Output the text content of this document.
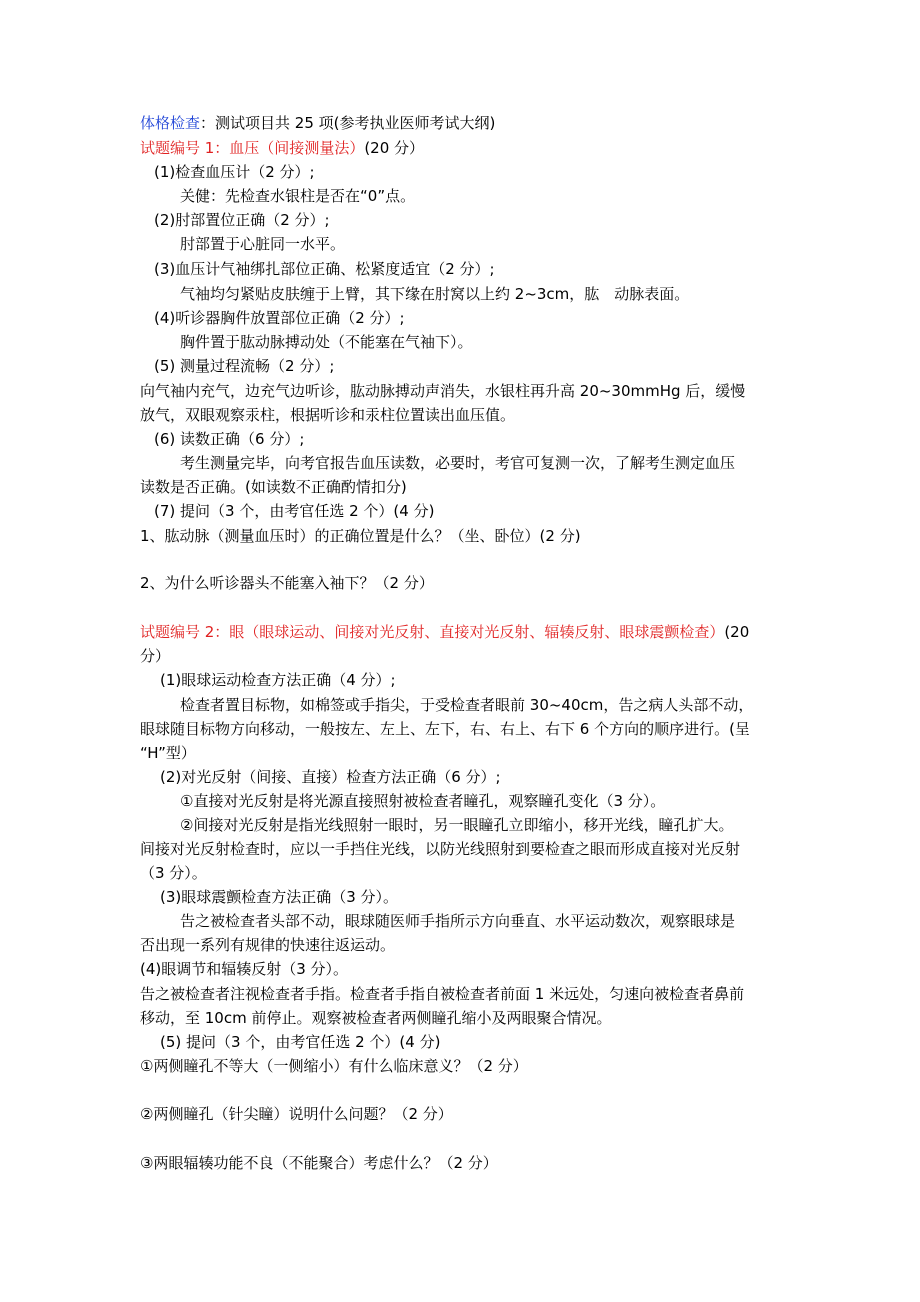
体格检查：测试项目共 25 项(参考执业医师考试大纲)
试题编号 1：血压（间接测量法）(20 分）
(1)检查血压计（2 分）;
关健：先检查水银柱是否在“0”点。
(2)肘部置位正确（2 分）;
肘部置于心脏同一水平。
(3)血压计气袖绑扎部位正确、松紧度适宜（2 分）;
气袖均匀紧贴皮肤缠于上臂，其下缘在肘窝以上约 2~3cm，肱　动脉表面。
(4)听诊器胸件放置部位正确（2 分）;
胸件置于肱动脉搏动处（不能塞在气袖下）。
(5) 测量过程流畅（2 分）;
向气袖内充气，边充气边听诊，肱动脉搏动声消失，水银柱再升高 20~30mmHg 后，缓慢
放气，双眼观察汞柱，根据听诊和汞柱位置读出血压值。
(6) 读数正确（6 分）;
考生测量完毕，向考官报告血压读数，必要时，考官可复测一次，了解考生测定血压
读数是否正确。(如读数不正确酌情扣分)
(7) 提问（3 个，由考官任选 2 个）(4 分)
1、肱动脉（测量血压时）的正确位置是什么？（坐、卧位）(2 分)
2、为什么听诊器头不能塞入袖下？（2 分）
试题编号 2：眼（眼球运动、间接对光反射、直接对光反射、辐辏反射、眼球震颤检查）(20
分）
(1)眼球运动检查方法正确（4 分）;
检查者置目标物，如棉签或手指尖，于受检查者眼前 30~40cm，告之病人头部不动，
眼球随目标物方向移动，一般按左、左上、左下，右、右上、右下 6 个方向的顺序进行。(呈
“H”型）
(2)对光反射（间接、直接）检查方法正确（6 分）;
①直接对光反射是将光源直接照射被检查者瞳孔，观察瞳孔变化（3 分）。
②间接对光反射是指光线照射一眼时，另一眼瞳孔立即缩小，移开光线，瞳孔扩大。
间接对光反射检查时，应以一手挡住光线，以防光线照射到要检查之眼而形成直接对光反射
（3 分）。
(3)眼球震颤检查方法正确（3 分）。
告之被检查者头部不动，眼球随医师手指所示方向垂直、水平运动数次，观察眼球是
否出现一系列有规律的快速往返运动。
(4)眼调节和辐辏反射（3 分）。
告之被检查者注视检查者手指。检查者手指自被检查者前面 1 米远处，匀速向被检查者鼻前
移动，至 10cm 前停止。观察被检查者两侧瞳孔缩小及两眼聚合情况。
(5) 提问（3 个，由考官任选 2 个）(4 分)
①两侧瞳孔不等大（一侧缩小）有什么临床意义？（2 分）
②两侧瞳孔（针尖瞳）说明什么问题？（2 分）
③两眼辐辏功能不良（不能聚合）考虑什么？（2 分）
